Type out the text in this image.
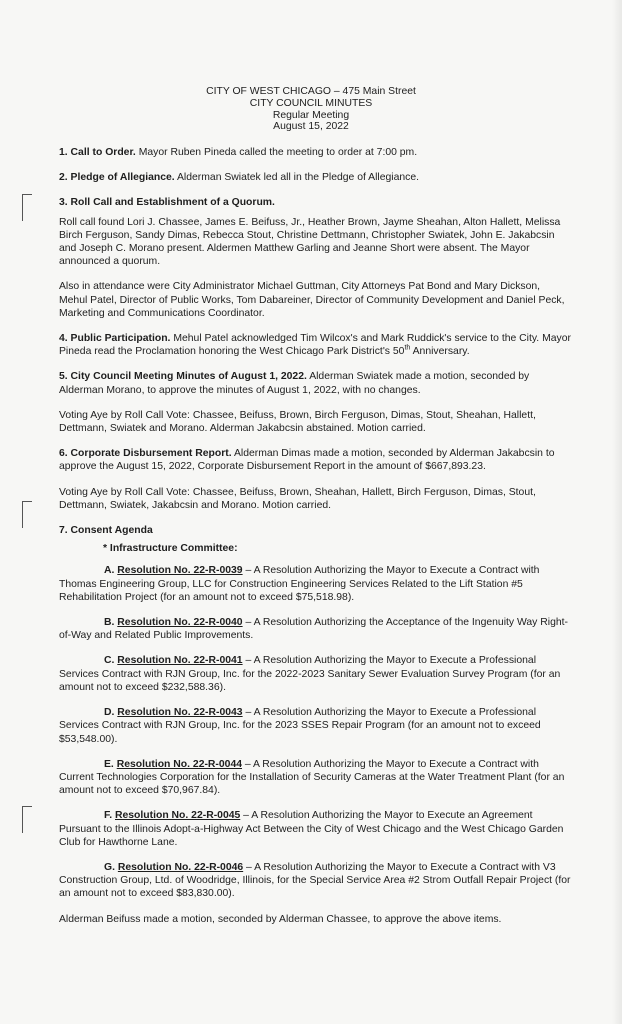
CITY OF WEST CHICAGO – 475 Main Street
CITY COUNCIL MINUTES
Regular Meeting
August 15, 2022

1. Call to Order. Mayor Ruben Pineda called the meeting to order at 7:00 pm.

2. Pledge of Allegiance. Alderman Swiatek led all in the Pledge of Allegiance.

3. Roll Call and Establishment of a Quorum.

Roll call found Lori J. Chassee, James E. Beifuss, Jr., Heather Brown, Jayme Sheahan, Alton Hallett, Melissa Birch Ferguson, Sandy Dimas, Rebecca Stout, Christine Dettmann, Christopher Swiatek, John E. Jakabcsin and Joseph C. Morano present. Aldermen Matthew Garling and Jeanne Short were absent. The Mayor announced a quorum.

Also in attendance were City Administrator Michael Guttman, City Attorneys Pat Bond and Mary Dickson, Mehul Patel, Director of Public Works, Tom Dabareiner, Director of Community Development and Daniel Peck, Marketing and Communications Coordinator.

4. Public Participation. Mehul Patel acknowledged Tim Wilcox's and Mark Ruddick's service to the City. Mayor Pineda read the Proclamation honoring the West Chicago Park District's 50th Anniversary.

5. City Council Meeting Minutes of August 1, 2022. Alderman Swiatek made a motion, seconded by Alderman Morano, to approve the minutes of August 1, 2022, with no changes.

Voting Aye by Roll Call Vote: Chassee, Beifuss, Brown, Birch Ferguson, Dimas, Stout, Sheahan, Hallett, Dettmann, Swiatek and Morano. Alderman Jakabcsin abstained. Motion carried.

6. Corporate Disbursement Report. Alderman Dimas made a motion, seconded by Alderman Jakabcsin to approve the August 15, 2022, Corporate Disbursement Report in the amount of $667,893.23.

Voting Aye by Roll Call Vote: Chassee, Beifuss, Brown, Sheahan, Hallett, Birch Ferguson, Dimas, Stout, Dettmann, Swiatek, Jakabcsin and Morano. Motion carried.

7. Consent Agenda

* Infrastructure Committee:

A. Resolution No. 22-R-0039 – A Resolution Authorizing the Mayor to Execute a Contract with Thomas Engineering Group, LLC for Construction Engineering Services Related to the Lift Station #5 Rehabilitation Project (for an amount not to exceed $75,518.98).

B. Resolution No. 22-R-0040 – A Resolution Authorizing the Acceptance of the Ingenuity Way Right-of-Way and Related Public Improvements.

C. Resolution No. 22-R-0041 – A Resolution Authorizing the Mayor to Execute a Professional Services Contract with RJN Group, Inc. for the 2022-2023 Sanitary Sewer Evaluation Survey Program (for an amount not to exceed $232,588.36).

D. Resolution No. 22-R-0043 – A Resolution Authorizing the Mayor to Execute a Professional Services Contract with RJN Group, Inc. for the 2023 SSES Repair Program (for an amount not to exceed $53,548.00).

E. Resolution No. 22-R-0044 – A Resolution Authorizing the Mayor to Execute a Contract with Current Technologies Corporation for the Installation of Security Cameras at the Water Treatment Plant (for an amount not to exceed $70,967.84).

F. Resolution No. 22-R-0045 – A Resolution Authorizing the Mayor to Execute an Agreement Pursuant to the Illinois Adopt-a-Highway Act Between the City of West Chicago and the West Chicago Garden Club for Hawthorne Lane.

G. Resolution No. 22-R-0046 – A Resolution Authorizing the Mayor to Execute a Contract with V3 Construction Group, Ltd. of Woodridge, Illinois, for the Special Service Area #2 Strom Outfall Repair Project (for an amount not to exceed $83,830.00).

Alderman Beifuss made a motion, seconded by Alderman Chassee, to approve the above items.
